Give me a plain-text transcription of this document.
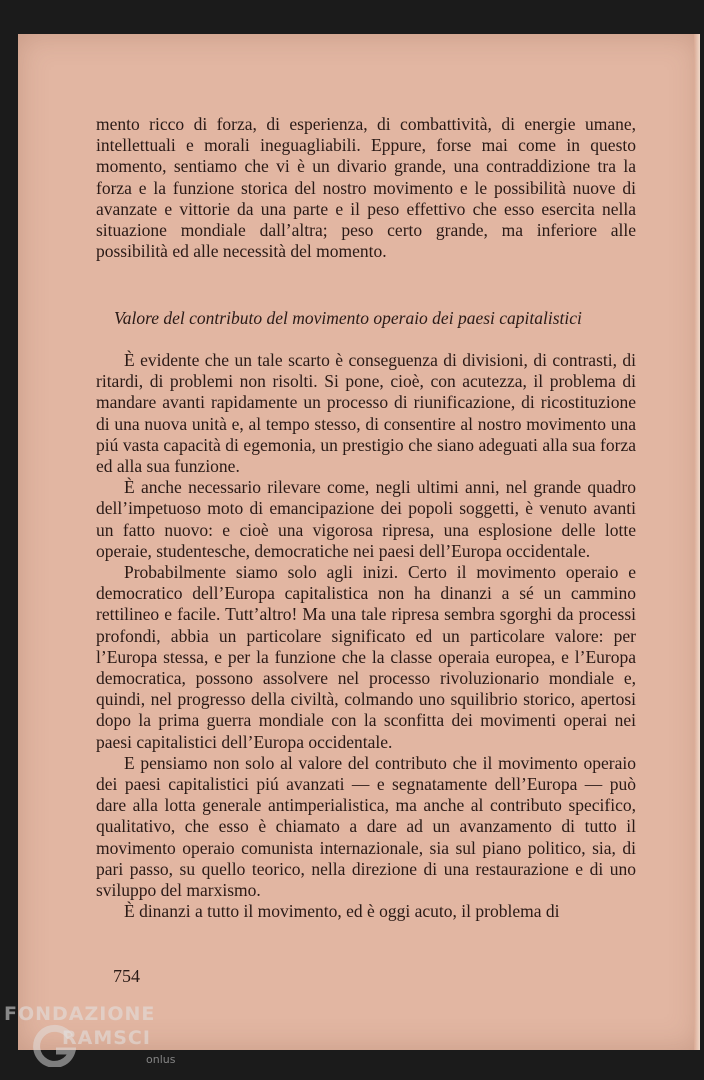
mento ricco di forza, di esperienza, di combattività, di energie umane, intellettuali e morali ineguagliabili. Eppure, forse mai come in questo momento, sentiamo che vi è un divario grande, una contraddizione tra la forza e la funzione storica del nostro movimento e le possibilità nuove di avanzate e vittorie da una parte e il peso effettivo che esso esercita nella situazione mondiale dall’altra; peso certo grande, ma inferiore alle possibilità ed alle necessità del momento.

Valore del contributo del movimento operaio dei paesi capitalistici

È evidente che un tale scarto è conseguenza di divisioni, di contrasti, di ritardi, di problemi non risolti. Si pone, cioè, con acutezza, il problema di mandare avanti rapidamente un processo di riunificazione, di ricostituzione di una nuova unità e, al tempo stesso, di consentire al nostro movimento una piú vasta capacità di egemonia, un prestigio che siano adeguati alla sua forza ed alla sua funzione.

È anche necessario rilevare come, negli ultimi anni, nel grande quadro dell’impetuoso moto di emancipazione dei popoli soggetti, è venuto avanti un fatto nuovo: e cioè una vigorosa ripresa, una esplosione delle lotte operaie, studentesche, democratiche nei paesi dell’Europa occidentale.

Probabilmente siamo solo agli inizi. Certo il movimento operaio e democratico dell’Europa capitalistica non ha dinanzi a sé un cammino rettilineo e facile. Tutt’altro! Ma una tale ripresa sembra sgorghi da processi profondi, abbia un particolare significato ed un particolare valore: per l’Europa stessa, e per la funzione che la classe operaia europea, e l’Europa democratica, possono assolvere nel processo rivoluzionario mondiale e, quindi, nel progresso della civiltà, colmando uno squilibrio storico, apertosi dopo la prima guerra mondiale con la sconfitta dei movimenti operai nei paesi capitalistici dell’Europa occidentale.

E pensiamo non solo al valore del contributo che il movimento operaio dei paesi capitalistici piú avanzati — e segnatamente dell’Europa — può dare alla lotta generale antimperialistica, ma anche al contributo specifico, qualitativo, che esso è chiamato a dare ad un avanzamento di tutto il movimento operaio comunista internazionale, sia sul piano politico, sia, di pari passo, su quello teorico, nella direzione di una restaurazione e di uno sviluppo del marxismo.

È dinanzi a tutto il movimento, ed è oggi acuto, il problema di

754
FONDAZIONE
RAMSCI
onlus
